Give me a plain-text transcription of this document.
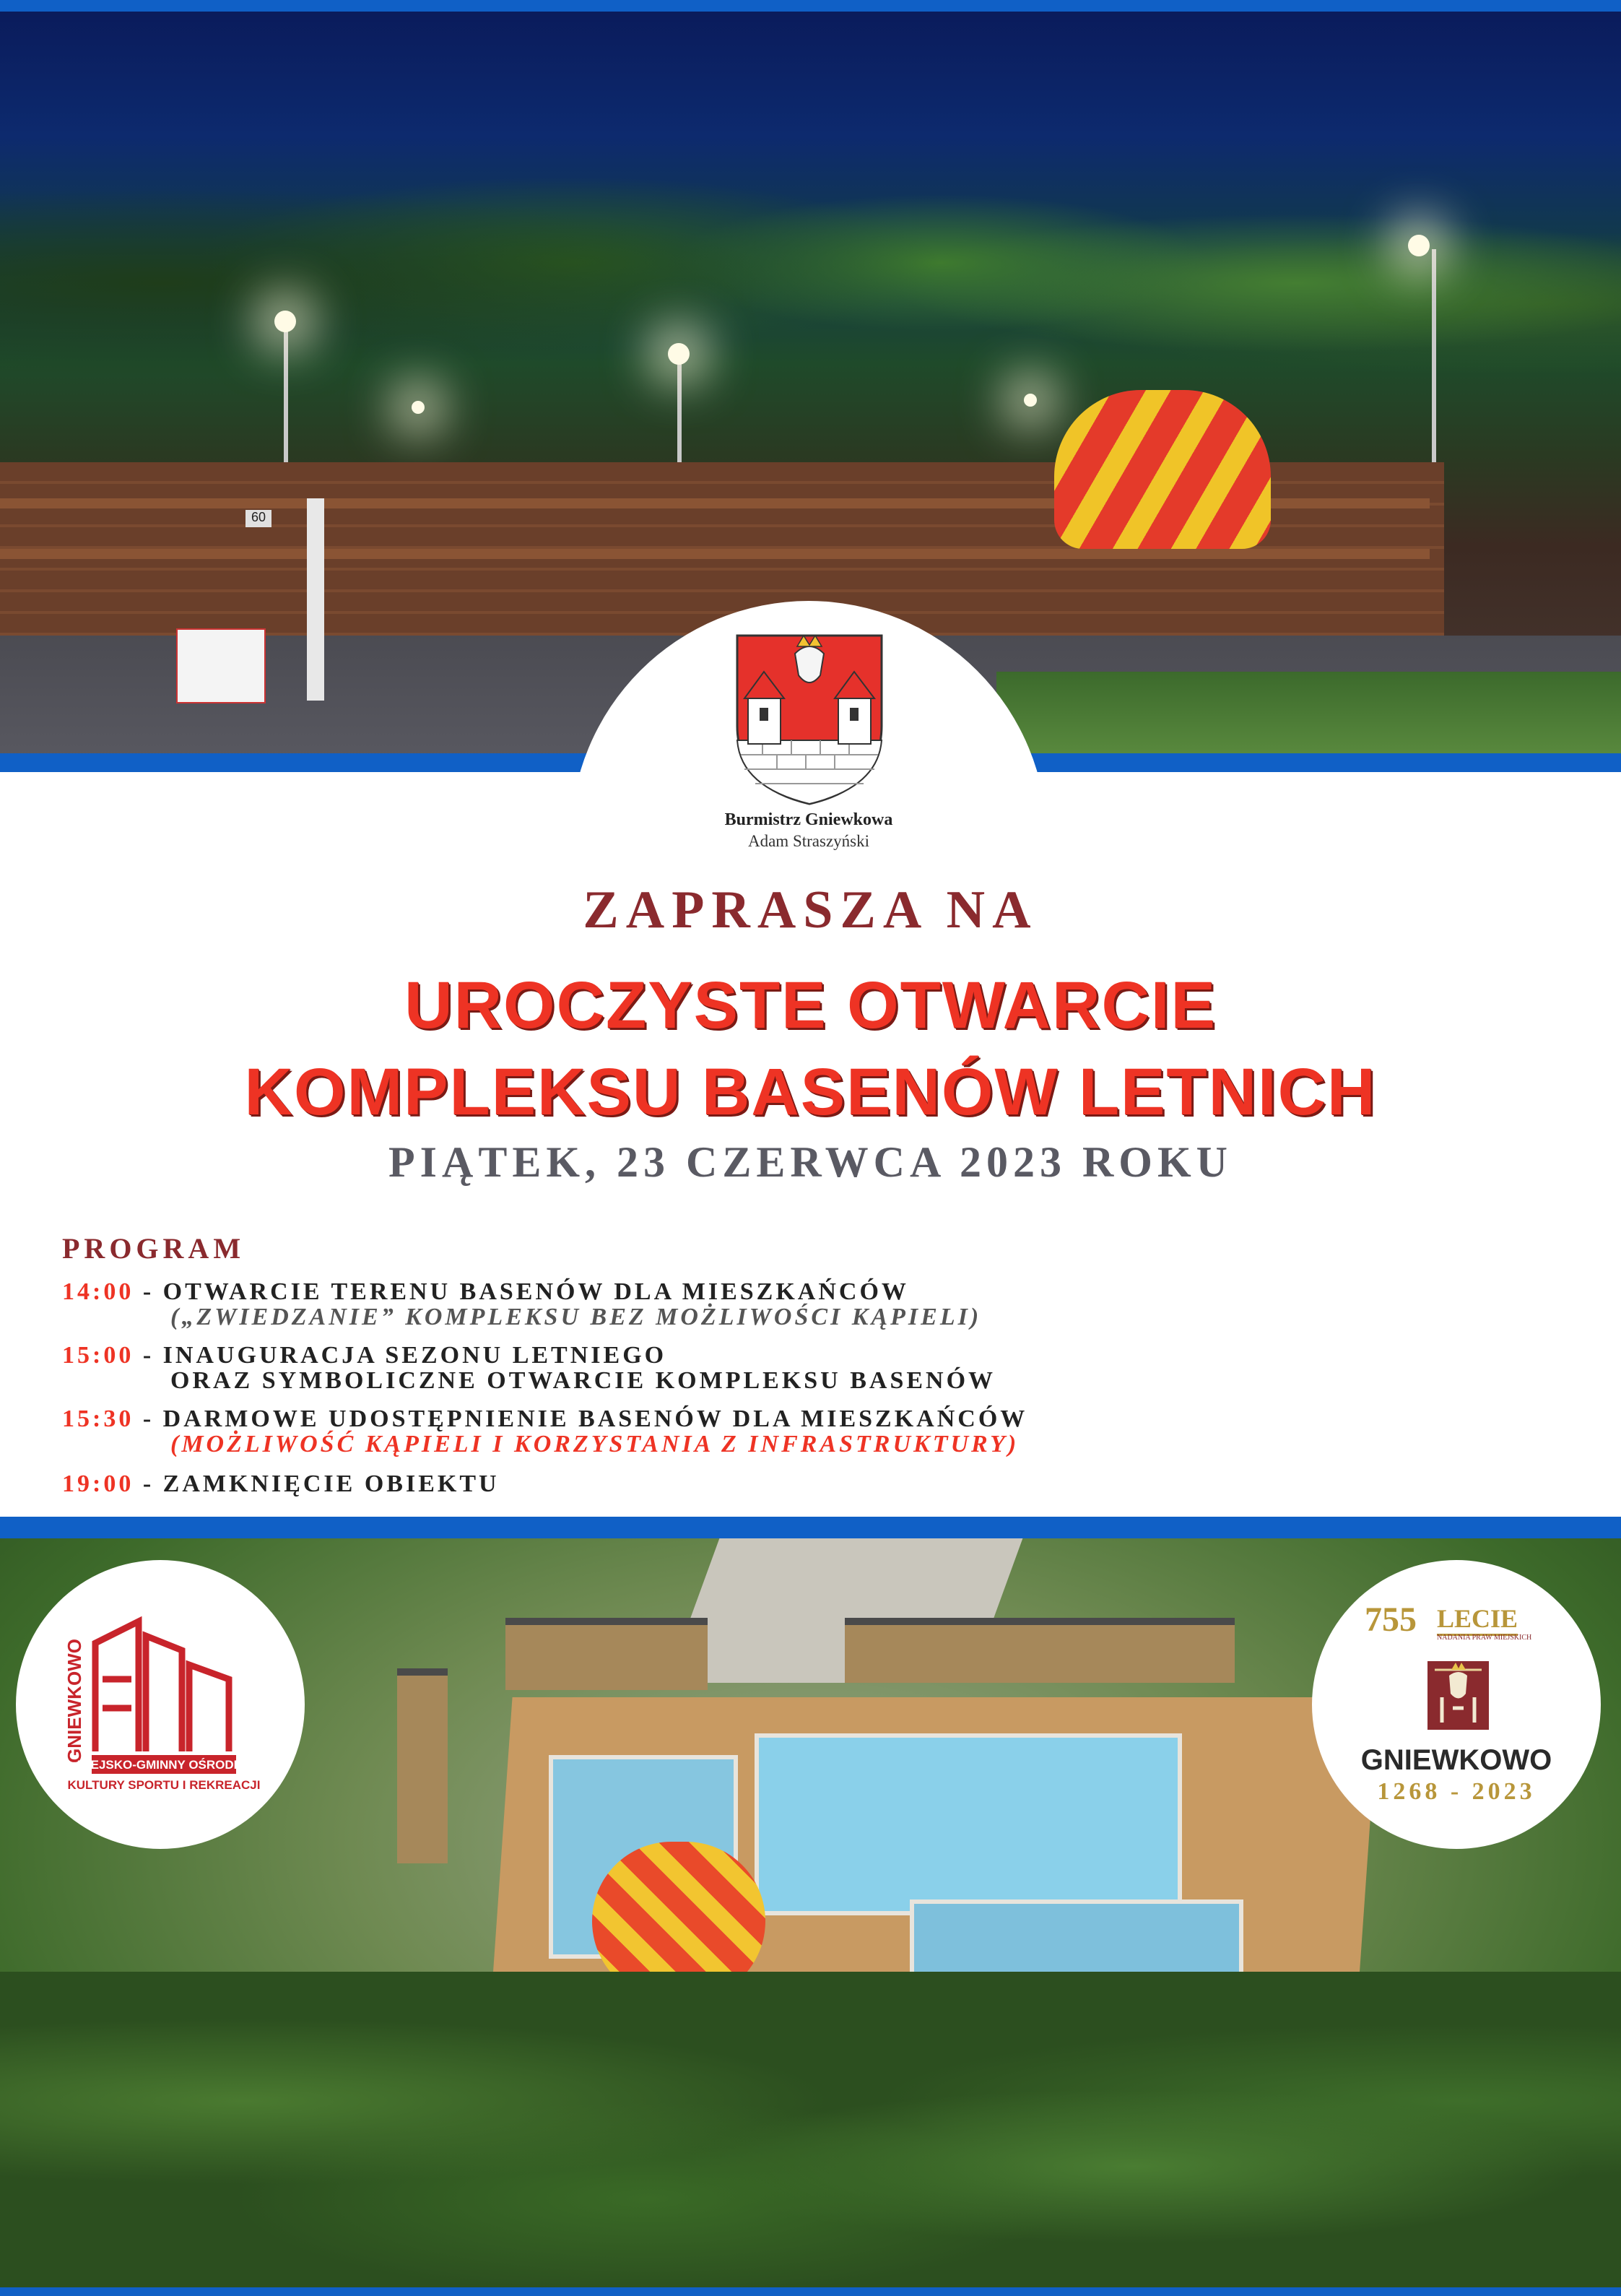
60
Burmistrz Gniewkowa
Adam Straszyński
ZAPRASZA NA
UROCZYSTE OTWARCIE
KOMPLEKSU BASENÓW LETNICH
PIĄTEK, 23 CZERWCA 2023 ROKU
PROGRAM
14:00 - OTWARCIE TERENU BASENÓW DLA MIESZKAŃCÓW
(„ZWIEDZANIE” KOMPLEKSU BEZ MOŻLIWOŚCI KĄPIELI)
15:00 - INAUGURACJA SEZONU LETNIEGO
ORAZ SYMBOLICZNE OTWARCIE KOMPLEKSU BASENÓW
15:30 - DARMOWE UDOSTĘPNIENIE BASENÓW DLA MIESZKAŃCÓW
(MOŻLIWOŚĆ KĄPIELI I KORZYSTANIA Z INFRASTRUKTURY)
19:00 - ZAMKNIĘCIE OBIEKTU
GNIEWKOWO
MIEJSKO-GMINNY OŚRODEK
KULTURY SPORTU I REKREACJI
755 LECIE
NADANIA PRAW MIEJSKICH
GNIEWKOWO
1268 - 2023
